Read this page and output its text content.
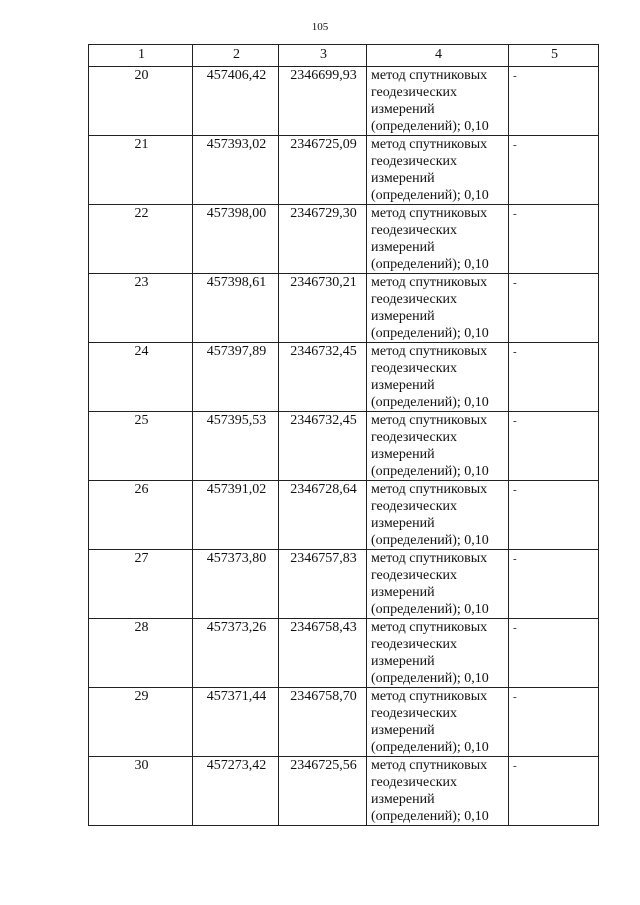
105
1	2	3	4	5
20	457406,42	2346699,93	метод спутниковых
геодезических
измерений
(определений); 0,10	-
21	457393,02	2346725,09	метод спутниковых
геодезических
измерений
(определений); 0,10	-
22	457398,00	2346729,30	метод спутниковых
геодезических
измерений
(определений); 0,10	-
23	457398,61	2346730,21	метод спутниковых
геодезических
измерений
(определений); 0,10	-
24	457397,89	2346732,45	метод спутниковых
геодезических
измерений
(определений); 0,10	-
25	457395,53	2346732,45	метод спутниковых
геодезических
измерений
(определений); 0,10	-
26	457391,02	2346728,64	метод спутниковых
геодезических
измерений
(определений); 0,10	-
27	457373,80	2346757,83	метод спутниковых
геодезических
измерений
(определений); 0,10	-
28	457373,26	2346758,43	метод спутниковых
геодезических
измерений
(определений); 0,10	-
29	457371,44	2346758,70	метод спутниковых
геодезических
измерений
(определений); 0,10	-
30	457273,42	2346725,56	метод спутниковых
геодезических
измерений
(определений); 0,10	-
